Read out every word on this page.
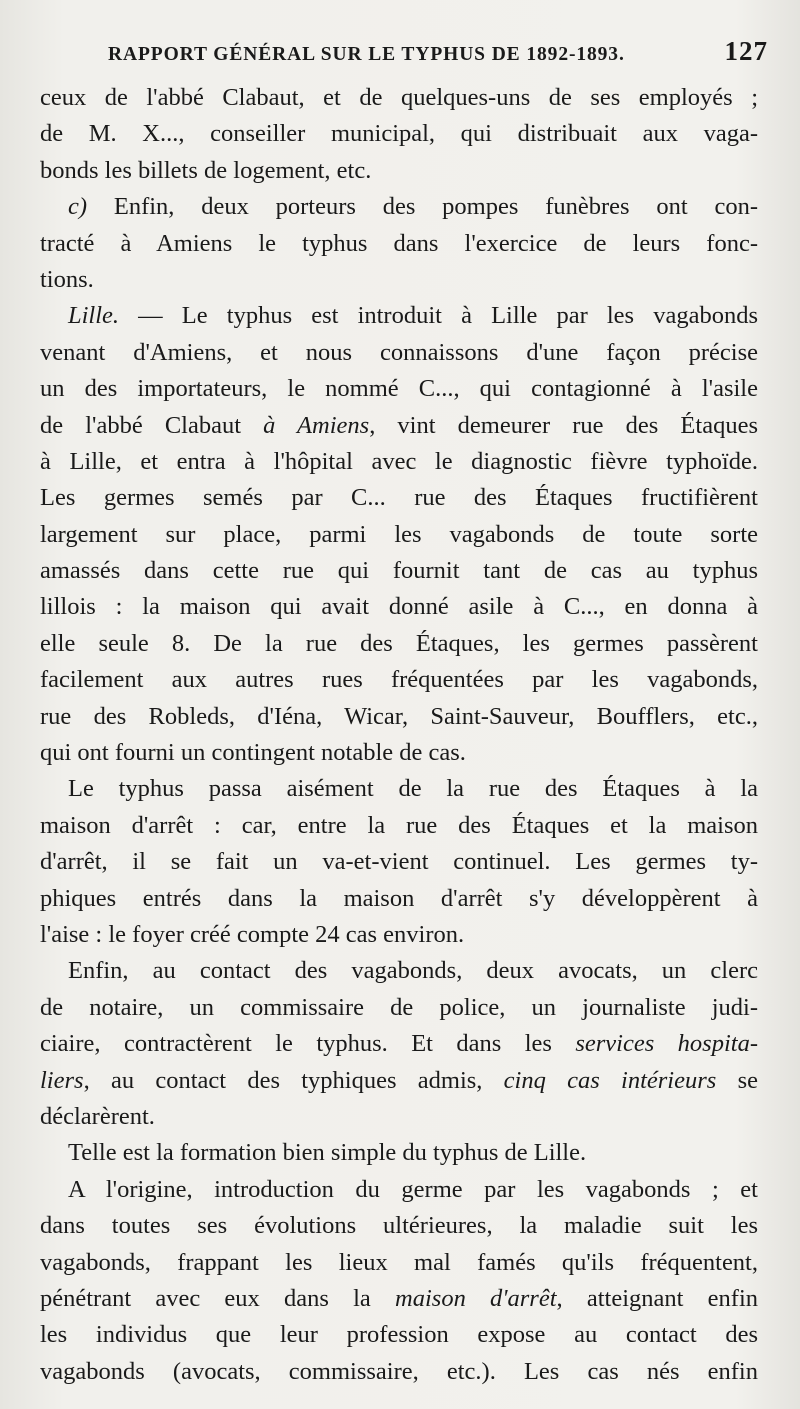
RAPPORT GÉNÉRAL SUR LE TYPHUS DE 1892-1893.	127
ceux de l'abbé Clabaut, et de quelques-uns de ses employés ;
de M. X..., conseiller municipal, qui distribuait aux vaga-
bonds les billets de logement, etc.
c) Enfin, deux porteurs des pompes funèbres ont con-
tracté à Amiens le typhus dans l'exercice de leurs fonc-
tions.
Lille. — Le typhus est introduit à Lille par les vagabonds
venant d'Amiens, et nous connaissons d'une façon précise
un des importateurs, le nommé C..., qui contagionné à l'asile
de l'abbé Clabaut à Amiens, vint demeurer rue des Étaques
à Lille, et entra à l'hôpital avec le diagnostic fièvre typhoïde.
Les germes semés par C... rue des Étaques fructifièrent
largement sur place, parmi les vagabonds de toute sorte
amassés dans cette rue qui fournit tant de cas au typhus
lillois : la maison qui avait donné asile à C..., en donna à
elle seule 8. De la rue des Étaques, les germes passèrent
facilement aux autres rues fréquentées par les vagabonds,
rue des Robleds, d'Iéna, Wicar, Saint-Sauveur, Boufflers, etc.,
qui ont fourni un contingent notable de cas.
Le typhus passa aisément de la rue des Étaques à la
maison d'arrêt : car, entre la rue des Étaques et la maison
d'arrêt, il se fait un va-et-vient continuel. Les germes ty-
phiques entrés dans la maison d'arrêt s'y développèrent à
l'aise : le foyer créé compte 24 cas environ.
Enfin, au contact des vagabonds, deux avocats, un clerc
de notaire, un commissaire de police, un journaliste judi-
ciaire, contractèrent le typhus. Et dans les services hospita-
liers, au contact des typhiques admis, cinq cas intérieurs se
déclarèrent.
Telle est la formation bien simple du typhus de Lille.
A l'origine, introduction du germe par les vagabonds ; et
dans toutes ses évolutions ultérieures, la maladie suit les
vagabonds, frappant les lieux mal famés qu'ils fréquentent,
pénétrant avec eux dans la maison d'arrêt, atteignant enfin
les individus que leur profession expose au contact des
vagabonds (avocats, commissaire, etc.). Les cas nés enfin
